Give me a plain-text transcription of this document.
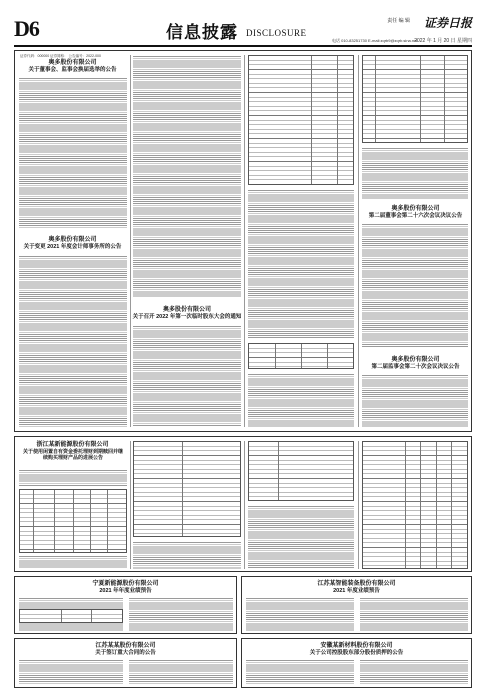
D6	信息披露 DISCLOSURE
责任 编 辑 证券日报
电话 010-83251730 E-mail:zqrb9@zqrb.sina.net
2022 年 1 月 20 日 星期四
证券代码：000000 证券简称： 公告编号：2022-000
奥多股份有限公司
关于董事会、监事会换届选举的公告
奥多股份有限公司
关于变更 2021 年度会计师事务所的公告
奥多股份有限公司
关于召开 2022 年第一次临时股东大会的通知
奥多股份有限公司
第二届董事会第二十六次会议决议公告
奥多股份有限公司
第二届监事会第二十次会议决议公告
浙江某新能源股份有限公司
关于使用闲置自有资金委托理财到期赎回并继续购买理财产品的进展公告
宁夏新能源股份有限公司
2021 年年度业绩预告
江苏某智能装备股份有限公司
2021 年度业绩预告
江苏某某股份有限公司
关于签订重大合同的公告
安徽某新材料股份有限公司
关于公司控股股东部分股份质押的公告
